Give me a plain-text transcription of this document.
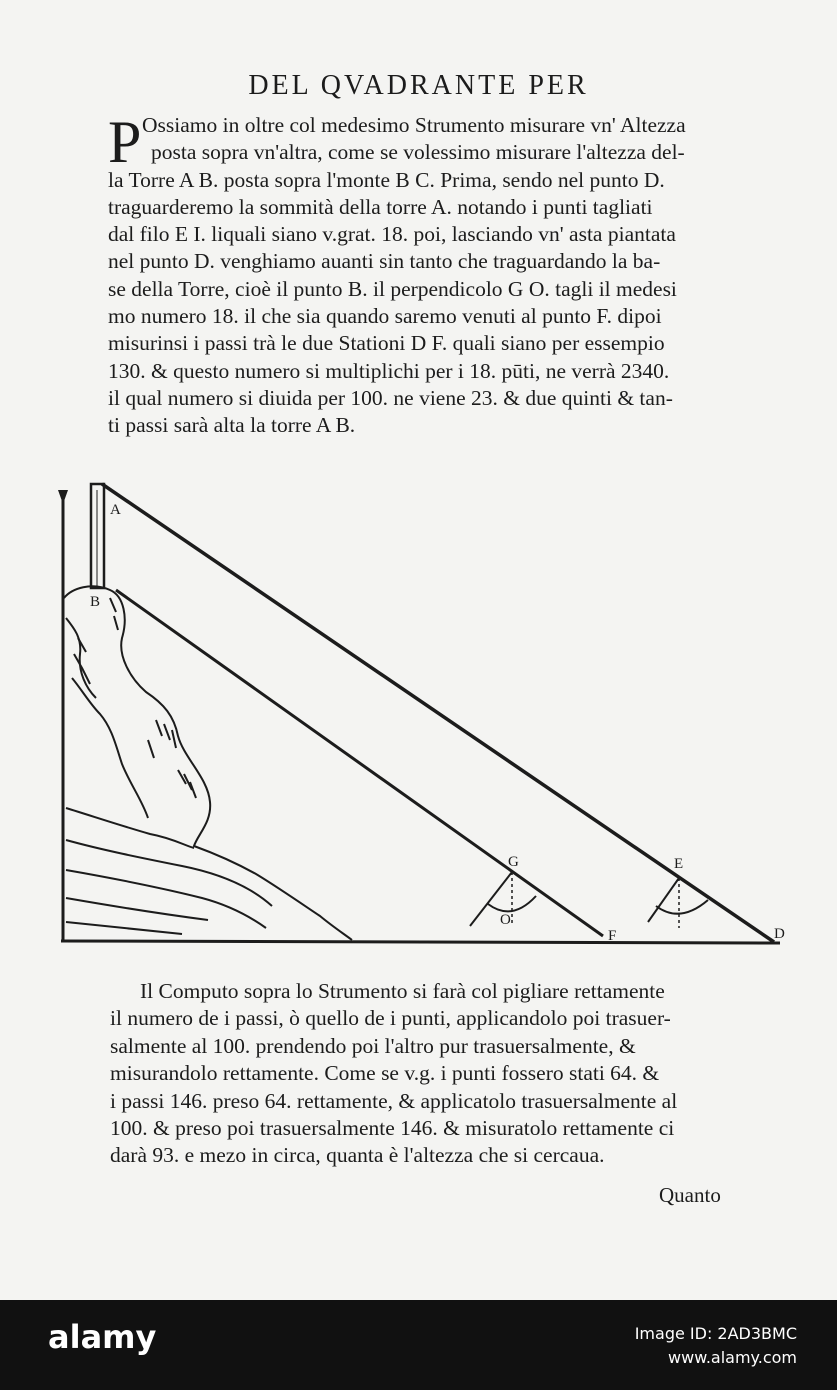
DEL QVADRANTE PER
P Ossiamo in oltre col medesimo Strumento misurare vn' Altezza
posta sopra vn'altra, come se volessimo misurare l'altezza del-
la Torre A B. posta sopra l'monte B C. Prima, sendo nel punto D.
traguarderemo la sommità della torre A. notando i punti tagliati
dal filo E I. liquali siano v.grat. 18. poi, lasciando vn' asta piantata
nel punto D. venghiamo auanti sin tanto che traguardando la ba-
se della Torre, cioè il punto B. il perpendicolo G O. tagli il medesi
mo numero 18. il che sia quando saremo venuti al punto F. dipoi
misurinsi i passi trà le due Stationi D F. quali siano per essempio
130. & questo numero si multiplichi per i 18. pūti, ne verrà 2340.
il qual numero si diuida per 100. ne viene 23. & due quinti & tan-
ti passi sarà alta la torre A B.
A
B
G
O
F
E
D
Il Computo sopra lo Strumento si farà col pigliare rettamente
il numero de i passi, ò quello de i punti, applicandolo poi trasuer-
salmente al 100. prendendo poi l'altro pur trasuersalmente, &
misurandolo rettamente. Come se v.g. i punti fossero stati 64. &
i passi 146. preso 64. rettamente, & applicatolo trasuersalmente al
100. & preso poi trasuersalmente 146. & misuratolo rettamente ci
darà 93. e mezo in circa, quanta è l'altezza che si cercaua.
Quanto
alamy	Image ID: 2AD3BMC
www.alamy.com
